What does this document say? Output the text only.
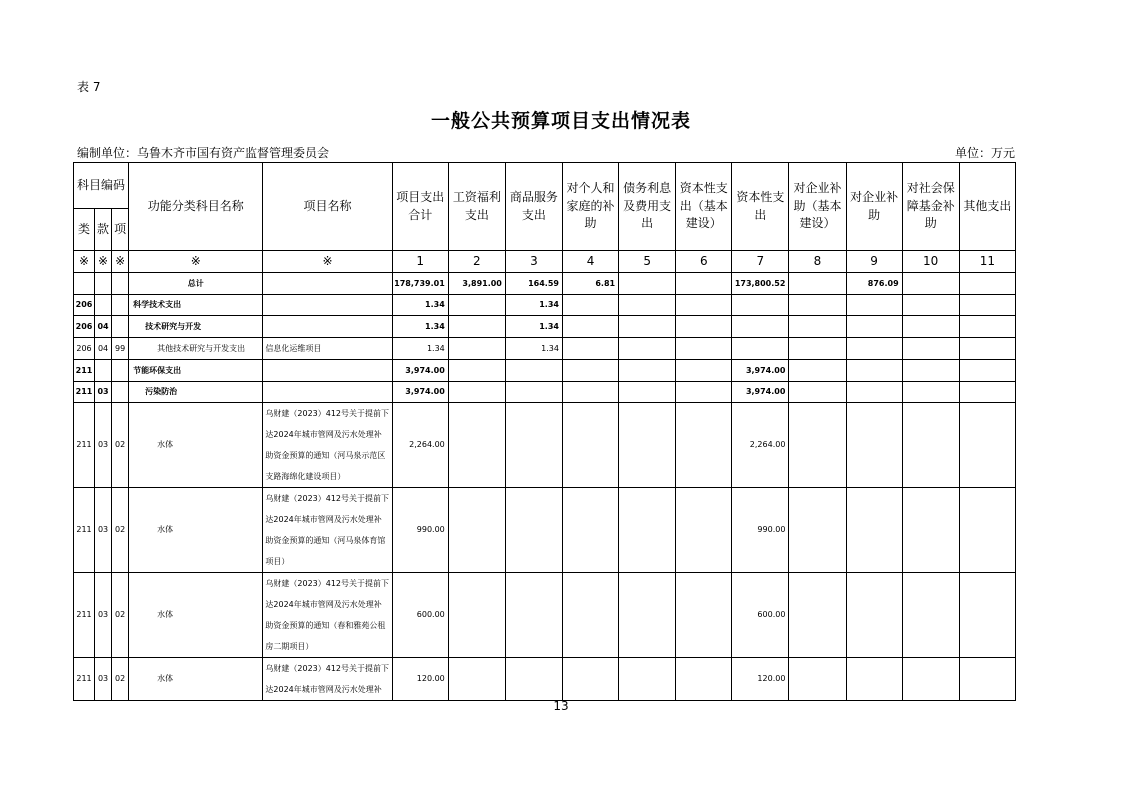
表 7
一般公共预算项目支出情况表
编制单位：乌鲁木齐市国有资产监督管理委员会	单位：万元
科目编码			功能分类科目名称	项目名称	项目支出合计	工资福利支出	商品服务支出	对个人和家庭的补助	债务利息及费用支出	资本性支出（基本建设）	资本性支出	对企业补助（基本建设）	对企业补助	对社会保障基金补助	其他支出
类	款	项													
※	※	※	※	※	1	2	3	4	5	6	7	8	9	10	11
			总计		178,739.01	3,891.00	164.59	6.81			173,800.52		876.09		
206			科学技术支出		1.34		1.34								
206	04		技术研究与开发		1.34		1.34								
206	04	99	其他技术研究与开发支出	信息化运维项目	1.34		1.34								
211			节能环保支出		3,974.00						3,974.00				
211	03		污染防治		3,974.00						3,974.00				
211	03	02	水体	乌财建（2023）412号关于提前下达2024年城市管网及污水处理补助资金预算的通知（河马泉示范区支路海绵化建设项目）	2,264.00						2,264.00				
211	03	02	水体	乌财建（2023）412号关于提前下达2024年城市管网及污水处理补助资金预算的通知（河马泉体育馆项目）	990.00						990.00				
211	03	02	水体	乌财建（2023）412号关于提前下达2024年城市管网及污水处理补助资金预算的通知（春和雅苑公租房二期项目）	600.00						600.00				
211	03	02	水体	乌财建（2023）412号关于提前下达2024年城市管网及污水处理补	120.00						120.00				
13
